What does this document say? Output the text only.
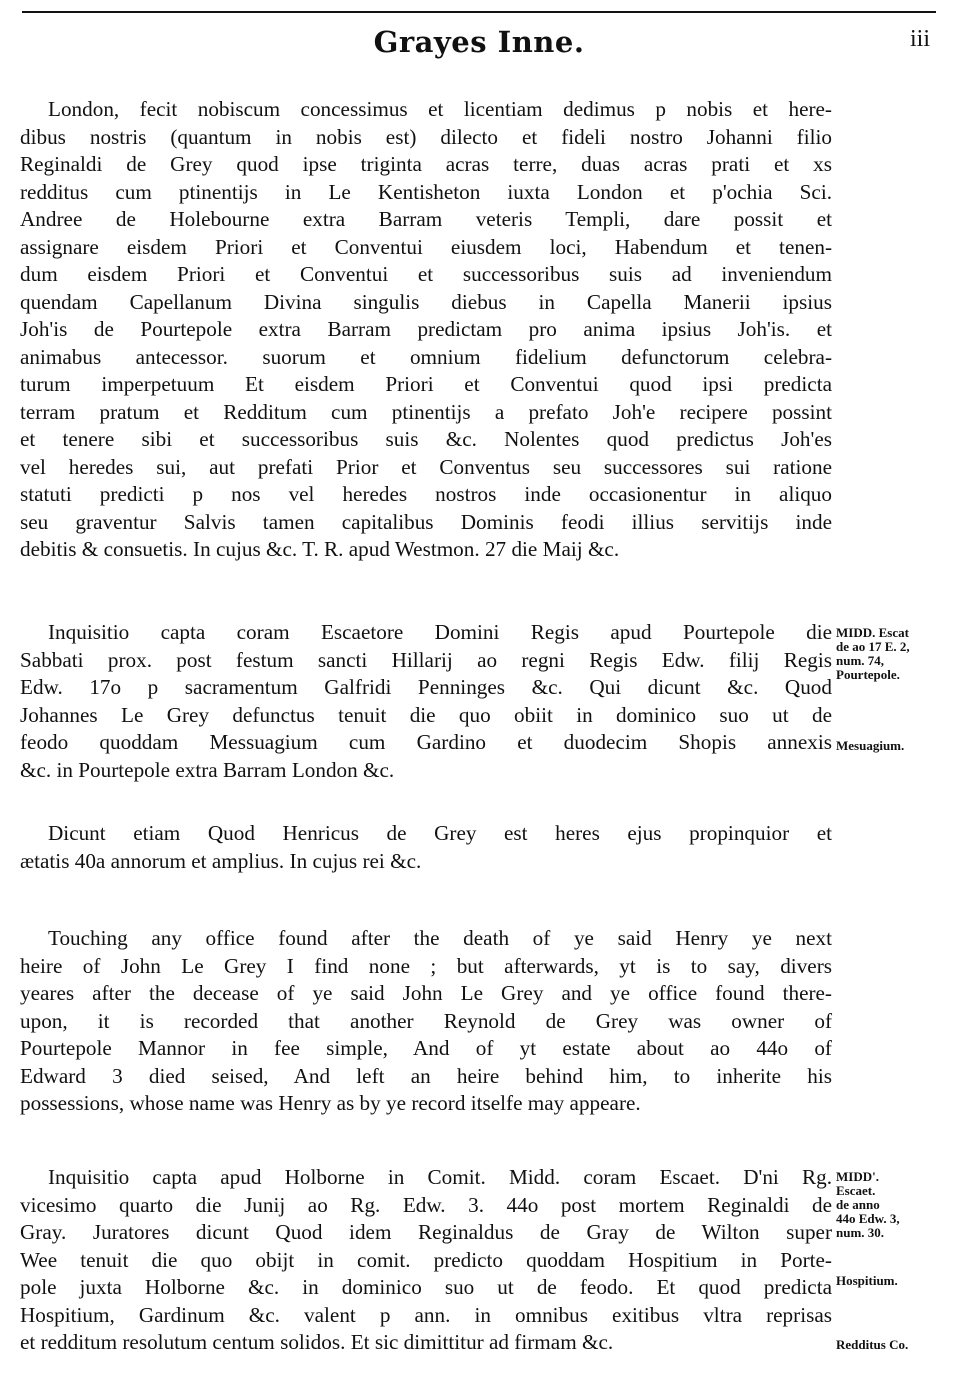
Grayes Inne.	iii
London, fecit nobiscum concessimus et licentiam dedimus p nobis et here-
dibus nostris (quantum in nobis est) dilecto et fideli nostro Johanni filio
Reginaldi de Grey quod ipse triginta acras terre, duas acras prati et xs
redditus cum ptinentijs in Le Kentisheton iuxta London et p'ochia Sci.
Andree de Holebourne extra Barram veteris Templi, dare possit et
assignare eisdem Priori et Conventui eiusdem loci, Habendum et tenen-
dum eisdem Priori et Conventui et successoribus suis ad inveniendum
quendam Capellanum Divina singulis diebus in Capella Manerii ipsius
Joh'is de Pourtepole extra Barram predictam pro anima ipsius Joh'is. et
animabus antecessor. suorum et omnium fidelium defunctorum celebra-
turum imperpetuum Et eisdem Priori et Conventui quod ipsi predicta
terram pratum et Redditum cum ptinentijs a prefato Joh'e recipere possint
et tenere sibi et successoribus suis &c. Nolentes quod predictus Joh'es
vel heredes sui, aut prefati Prior et Conventus seu successores sui ratione
statuti predicti p nos vel heredes nostros inde occasionentur in aliquo
seu graventur Salvis tamen capitalibus Dominis feodi illius servitijs inde
debitis & consuetis. In cujus &c. T. R. apud Westmon. 27 die Maij &c.
Inquisitio capta coram Escaetore Domini Regis apud Pourtepole die
Sabbati prox. post festum sancti Hillarij ao regni Regis Edw. filij Regis
Edw. 17o p sacramentum Galfridi Penninges &c. Qui dicunt &c. Quod
Johannes Le Grey defunctus tenuit die quo obiit in dominico suo ut de
feodo quoddam Messuagium cum Gardino et duodecim Shopis annexis
&c. in Pourtepole extra Barram London &c.
Dicunt etiam Quod Henricus de Grey est heres ejus propinquior et
ætatis 40a annorum et amplius. In cujus rei &c.
Touching any office found after the death of ye said Henry ye next
heire of John Le Grey I find none ; but afterwards, yt is to say, divers
yeares after the decease of ye said John Le Grey and ye office found there-
upon, it is recorded that another Reynold de Grey was owner of
Pourtepole Mannor in fee simple, And of yt estate about ao 44o of
Edward 3 died seised, And left an heire behind him, to inherite his
possessions, whose name was Henry as by ye record itselfe may appeare.
Inquisitio capta apud Holborne in Comit. Midd. coram Escaet. D'ni Rg.
vicesimo quarto die Junij ao Rg. Edw. 3. 44o post mortem Reginaldi de
Gray. Juratores dicunt Quod idem Reginaldus de Gray de Wilton super
Wee tenuit die quo obijt in comit. predicto quoddam Hospitium in Porte-
pole juxta Holborne &c. in dominico suo ut de feodo. Et quod predicta
Hospitium, Gardinum &c. valent p ann. in omnibus exitibus vltra reprisas
et redditum resolutum centum solidos. Et sic dimittitur ad firmam &c.
MIDD. Escat
de ao 17 E. 2,
num. 74,
Pourtepole.
Mesuagium.
MIDD'.
Escaet.
de anno
44o Edw. 3,
num. 30.
Hospitium.
Redditus Co.
